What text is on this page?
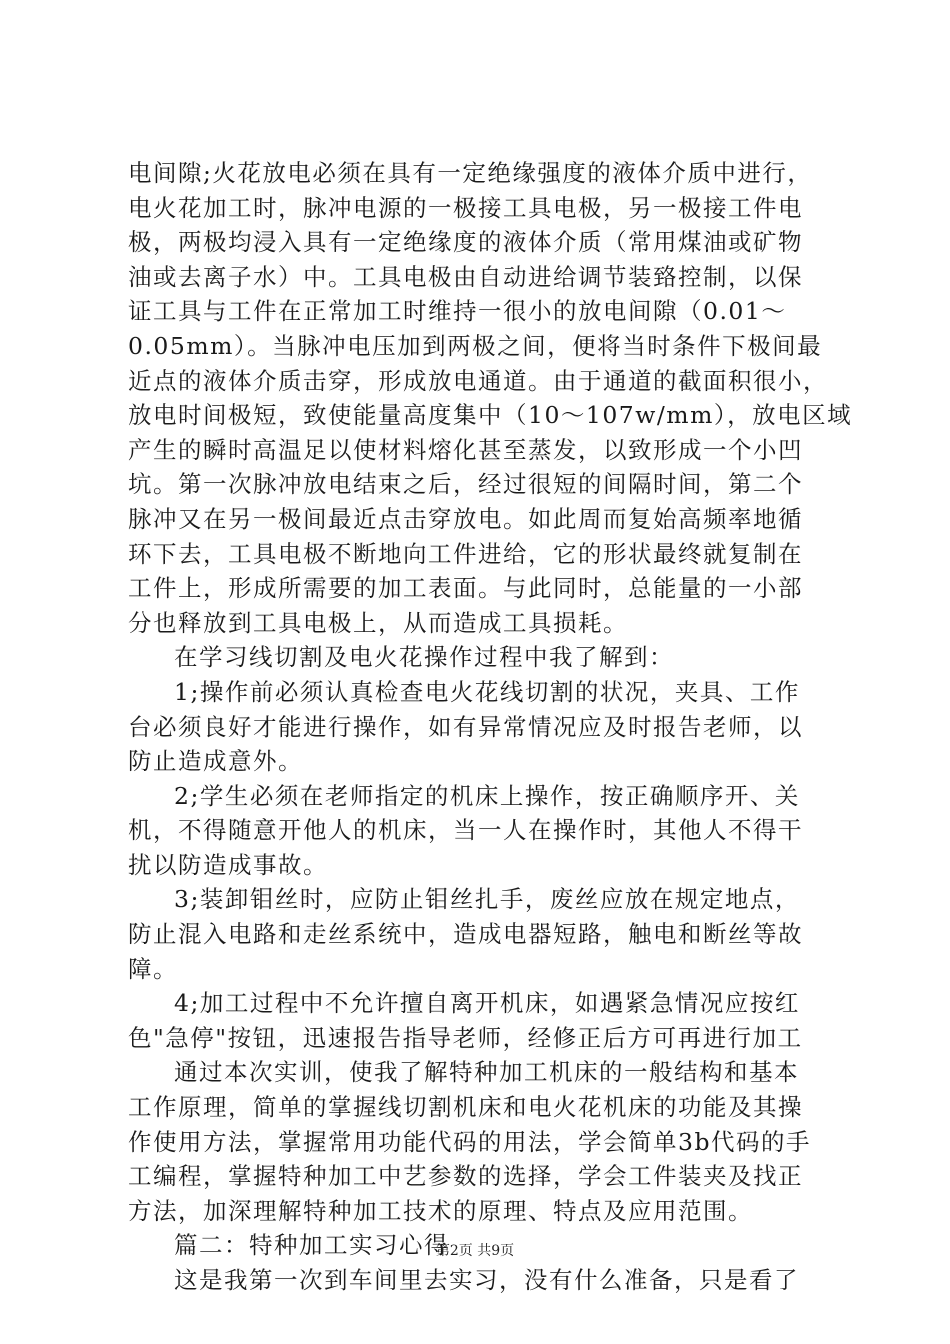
电间隙;火花放电必须在具有一定绝缘强度的液体介质中进行，
电火花加工时，脉冲电源的一极接工具电极，另一极接工件电
极，两极均浸入具有一定绝缘度的液体介质（常用煤油或矿物
油或去离子水）中。工具电极由自动进给调节装臵控制，以保
证工具与工件在正常加工时维持一很小的放电间隙（0.01～
0.05mm）。当脉冲电压加到两极之间，便将当时条件下极间最
近点的液体介质击穿，形成放电通道。由于通道的截面积很小，
放电时间极短，致使能量高度集中（10～107w/mm），放电区域
产生的瞬时高温足以使材料熔化甚至蒸发，以致形成一个小凹
坑。第一次脉冲放电结束之后，经过很短的间隔时间，第二个
脉冲又在另一极间最近点击穿放电。如此周而复始高频率地循
环下去，工具电极不断地向工件进给，它的形状最终就复制在
工件上，形成所需要的加工表面。与此同时，总能量的一小部
分也释放到工具电极上，从而造成工具损耗。
在学习线切割及电火花操作过程中我了解到：
1;操作前必须认真检查电火花线切割的状况，夹具、工作
台必须良好才能进行操作，如有异常情况应及时报告老师，以
防止造成意外。
2;学生必须在老师指定的机床上操作，按正确顺序开、关
机，不得随意开他人的机床，当一人在操作时，其他人不得干
扰以防造成事故。
3;装卸钼丝时，应防止钼丝扎手，废丝应放在规定地点，
防止混入电路和走丝系统中，造成电器短路，触电和断丝等故
障。
4;加工过程中不允许擅自离开机床，如遇紧急情况应按红
色"急停"按钮，迅速报告指导老师，经修正后方可再进行加工
通过本次实训，使我了解特种加工机床的一般结构和基本
工作原理，简单的掌握线切割机床和电火花机床的功能及其操
作使用方法，掌握常用功能代码的用法，学会简单3b代码的手
工编程，掌握特种加工中艺参数的选择，学会工件装夹及找正
方法，加深理解特种加工技术的原理、特点及应用范围。
篇二：特种加工实习心得
这是我第一次到车间里去实习，没有什么准备，只是看了
第2页 共9页
